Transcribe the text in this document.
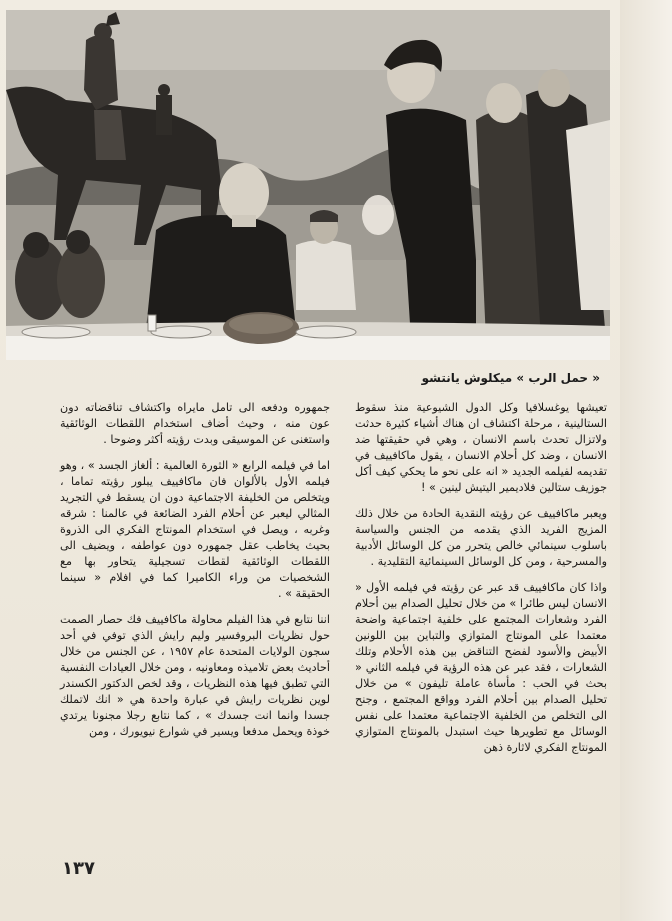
« حمل الرب » ميكلوش يانتشو

تعيشها يوغسلافيا وكل الدول الشيوعية منذ سقوط الستالينية ، مرحلة اكتشاف ان هناك أشياء كثيرة حدثت ولاتزال تحدث باسم الانسان ، وهي في حقيقتها ضد الانسان ، وضد كل أحلام الانسان ، يقول ماكافييف في تقديمه لفيلمه الجديد « انه على نحو ما يحكي كيف أكل جوزيف ستالين فلاديمير اليتيش لينين » !

ويعبر ماكافييف عن رؤيته النقدية الحادة من خلال ذلك المزيج الفريد الذي يقدمه من الجنس والسياسة باسلوب سينمائي خالص يتحرر من كل الوسائل الأدبية والمسرحية ، ومن كل الوسائل السينمائية التقليدية .

واذا كان ماكافييف قد عبر عن رؤيته في فيلمه الأول « الانسان ليس طائرا » من خلال تحليل الصدام بين أحلام الفرد وشعارات المجتمع على خلفية اجتماعية واضحة معتمدا على المونتاج المتوازي والتباين بين اللونين الأبيض والأسود لفضح التناقض بين هذه الأحلام وتلك الشعارات ، فقد عبر عن هذه الرؤية في فيلمه الثاني « بحث في الحب : مأساة عاملة تليفون » من خلال تحليل الصدام بين أحلام الفرد وواقع المجتمع ، وجنح الى التخلص من الخلفية الاجتماعية معتمدا على نفس الوسائل مع تطويرها حيث استبدل بالمونتاج المتوازي المونتاج الفكري لاثارة ذهن

جمهوره ودفعه الى تامل مايراه واكتشاف تناقضاته دون عون منه ، وحيث أضاف استخدام اللقطات الوثائقية واستغنى عن الموسيقى وبدت رؤيته أكثر وضوحا .

اما في فيلمه الرابع « الثورة العالمية : ألغاز الجسد » ، وهو فيلمه الأول بالألوان فان ماكافييف يبلور رؤيته تماما ، ويتخلص من الخليفة الاجتماعية دون ان يسقط في التجريد المثالي ليعبر عن أحلام الفرد الضائعة في عالمنا : شرقه وغربه ، ويصل في استخدام المونتاج الفكري الى الذروة بحيث يخاطب عقل جمهوره دون عواطفه ، ويضيف الى اللقطات الوثائقية لقطات تسجيلية يتحاور بها مع الشخصيات من وراء الكاميرا كما في افلام « سينما الحقيقة » .

اننا نتابع في هذا الفيلم محاولة ماكافييف فك حصار الصمت حول نظريات البروفسير وليم رايش الذي توفي في أحد سجون الولايات المتحدة عام ١٩٥٧ ، عن الجنس من خلال أحاديث بعض تلاميذه ومعاونيه ، ومن خلال العيادات النفسية التي تطبق فيها هذه النظريات ، وقد لخص الدكتور الكسندر لوين نظريات رايش في عبارة واحدة هي « انك لاتملك جسدا وانما انت جسدك » ، كما نتابع رجلا مجنونا يرتدي خوذة ويحمل مدفعا ويسير في شوارع نيويورك ، ومن

١٣٧
